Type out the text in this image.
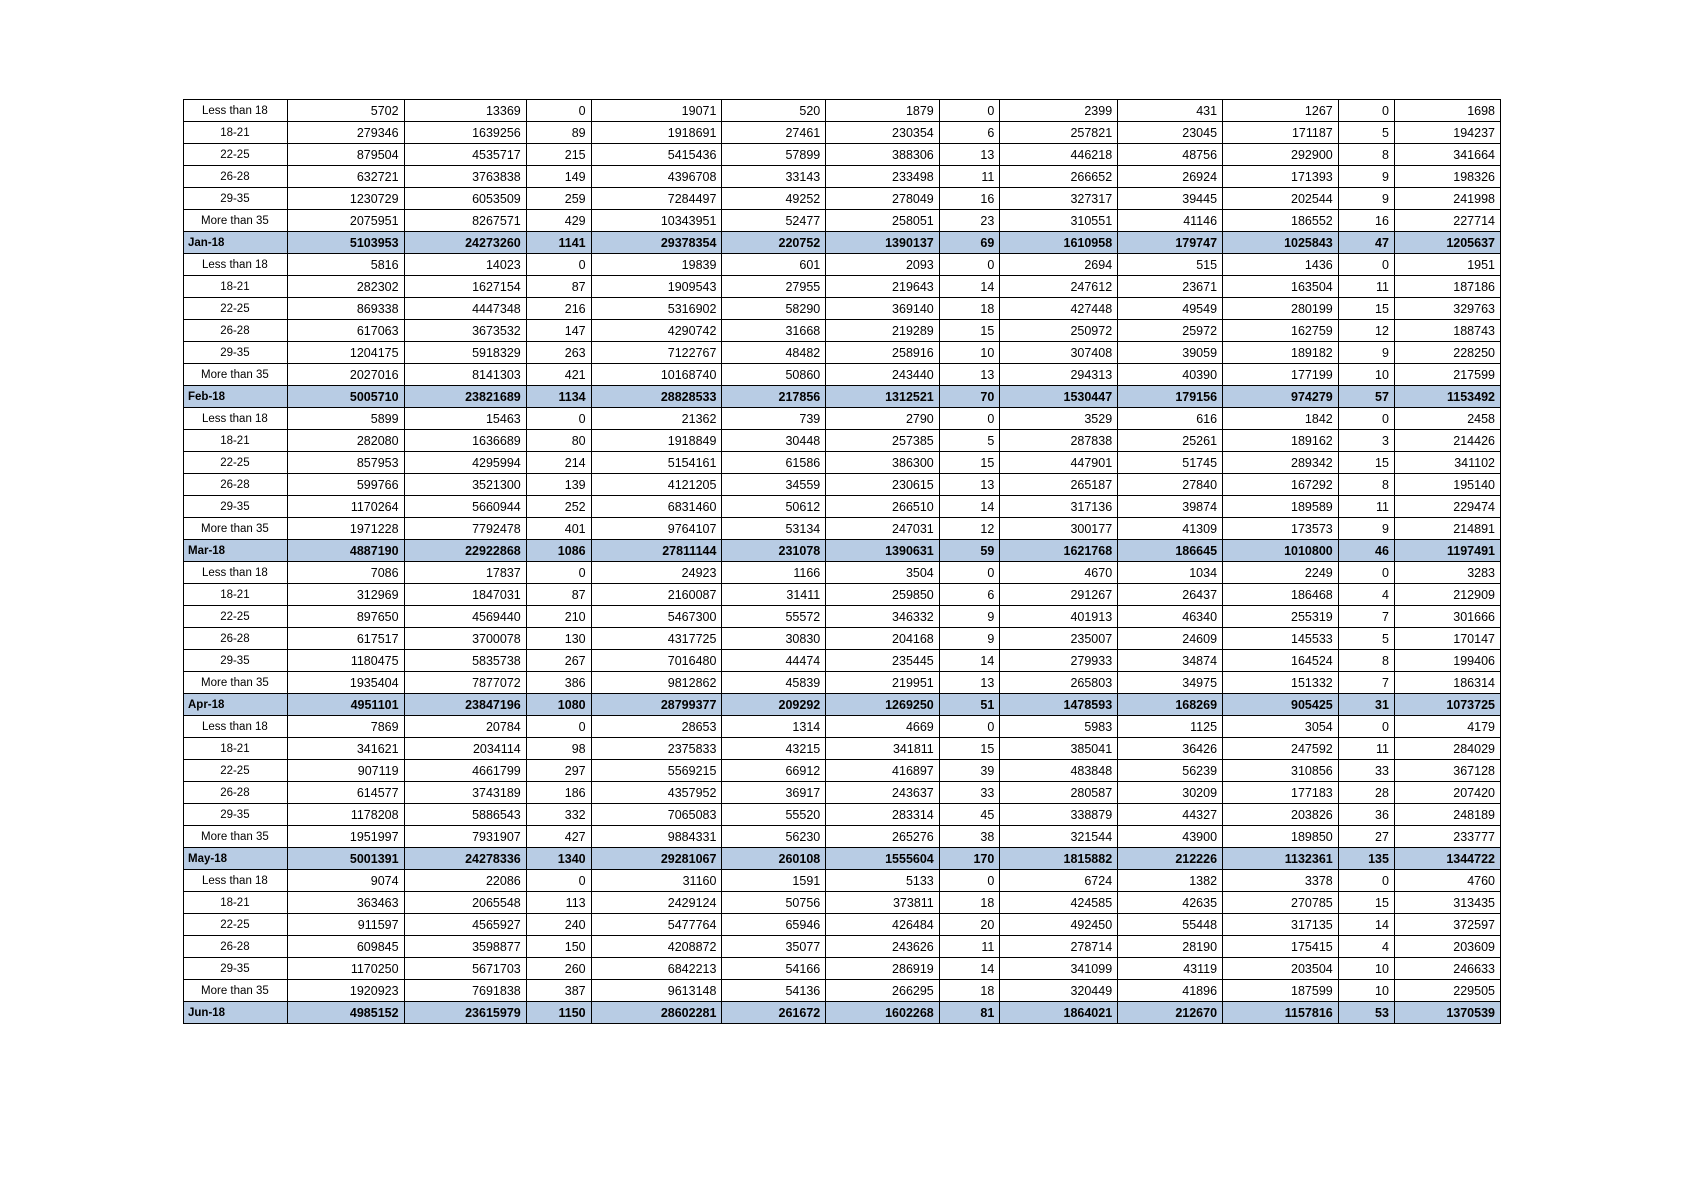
Less than 18	5702	13369	0	19071	520	1879	0	2399	431	1267	0	1698
18-21	279346	1639256	89	1918691	27461	230354	6	257821	23045	171187	5	194237
22-25	879504	4535717	215	5415436	57899	388306	13	446218	48756	292900	8	341664
26-28	632721	3763838	149	4396708	33143	233498	11	266652	26924	171393	9	198326
29-35	1230729	6053509	259	7284497	49252	278049	16	327317	39445	202544	9	241998
More than 35	2075951	8267571	429	10343951	52477	258051	23	310551	41146	186552	16	227714
Jan-18	5103953	24273260	1141	29378354	220752	1390137	69	1610958	179747	1025843	47	1205637
Less than 18	5816	14023	0	19839	601	2093	0	2694	515	1436	0	1951
18-21	282302	1627154	87	1909543	27955	219643	14	247612	23671	163504	11	187186
22-25	869338	4447348	216	5316902	58290	369140	18	427448	49549	280199	15	329763
26-28	617063	3673532	147	4290742	31668	219289	15	250972	25972	162759	12	188743
29-35	1204175	5918329	263	7122767	48482	258916	10	307408	39059	189182	9	228250
More than 35	2027016	8141303	421	10168740	50860	243440	13	294313	40390	177199	10	217599
Feb-18	5005710	23821689	1134	28828533	217856	1312521	70	1530447	179156	974279	57	1153492
Less than 18	5899	15463	0	21362	739	2790	0	3529	616	1842	0	2458
18-21	282080	1636689	80	1918849	30448	257385	5	287838	25261	189162	3	214426
22-25	857953	4295994	214	5154161	61586	386300	15	447901	51745	289342	15	341102
26-28	599766	3521300	139	4121205	34559	230615	13	265187	27840	167292	8	195140
29-35	1170264	5660944	252	6831460	50612	266510	14	317136	39874	189589	11	229474
More than 35	1971228	7792478	401	9764107	53134	247031	12	300177	41309	173573	9	214891
Mar-18	4887190	22922868	1086	27811144	231078	1390631	59	1621768	186645	1010800	46	1197491
Less than 18	7086	17837	0	24923	1166	3504	0	4670	1034	2249	0	3283
18-21	312969	1847031	87	2160087	31411	259850	6	291267	26437	186468	4	212909
22-25	897650	4569440	210	5467300	55572	346332	9	401913	46340	255319	7	301666
26-28	617517	3700078	130	4317725	30830	204168	9	235007	24609	145533	5	170147
29-35	1180475	5835738	267	7016480	44474	235445	14	279933	34874	164524	8	199406
More than 35	1935404	7877072	386	9812862	45839	219951	13	265803	34975	151332	7	186314
Apr-18	4951101	23847196	1080	28799377	209292	1269250	51	1478593	168269	905425	31	1073725
Less than 18	7869	20784	0	28653	1314	4669	0	5983	1125	3054	0	4179
18-21	341621	2034114	98	2375833	43215	341811	15	385041	36426	247592	11	284029
22-25	907119	4661799	297	5569215	66912	416897	39	483848	56239	310856	33	367128
26-28	614577	3743189	186	4357952	36917	243637	33	280587	30209	177183	28	207420
29-35	1178208	5886543	332	7065083	55520	283314	45	338879	44327	203826	36	248189
More than 35	1951997	7931907	427	9884331	56230	265276	38	321544	43900	189850	27	233777
May-18	5001391	24278336	1340	29281067	260108	1555604	170	1815882	212226	1132361	135	1344722
Less than 18	9074	22086	0	31160	1591	5133	0	6724	1382	3378	0	4760
18-21	363463	2065548	113	2429124	50756	373811	18	424585	42635	270785	15	313435
22-25	911597	4565927	240	5477764	65946	426484	20	492450	55448	317135	14	372597
26-28	609845	3598877	150	4208872	35077	243626	11	278714	28190	175415	4	203609
29-35	1170250	5671703	260	6842213	54166	286919	14	341099	43119	203504	10	246633
More than 35	1920923	7691838	387	9613148	54136	266295	18	320449	41896	187599	10	229505
Jun-18	4985152	23615979	1150	28602281	261672	1602268	81	1864021	212670	1157816	53	1370539
